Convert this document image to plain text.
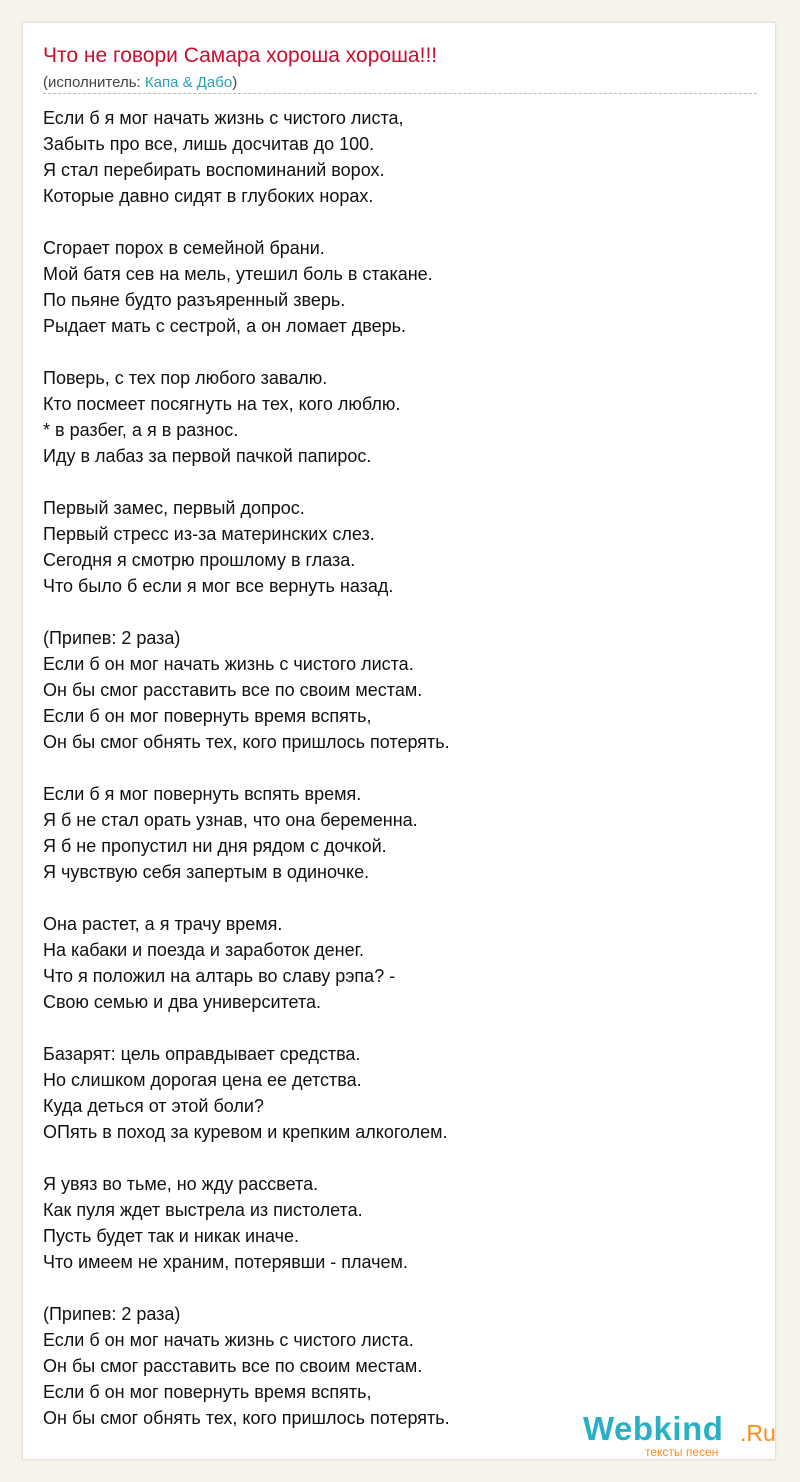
Что не говори Самара хороша хороша!!!
(исполнитель: Капа & Дабо)
Если б я мог начать жизнь с чистого листа,
Забыть про все, лишь досчитав до 100.
Я стал перебирать воспоминаний ворох.
Которые давно сидят в глубоких норах.
Сгорает порох в семейной брани.
Мой батя сев на мель, утешил боль в стакане.
По пьяне будто разъяренный зверь.
Рыдает мать с сестрой, а он ломает дверь.
Поверь, с тех пор любого завалю.
Кто посмеет посягнуть на тех, кого люблю.
* в разбег, а я в разнос.
Иду в лабаз за первой пачкой папирос.
Первый замес, первый допрос.
Первый стресс из-за материнских слез.
Сегодня я смотрю прошлому в глаза.
Что было б если я мог все вернуть назад.
(Припев: 2 раза)
Если б он мог начать жизнь с чистого листа.
Он бы смог расставить все по своим местам.
Если б он мог повернуть время вспять,
Он бы смог обнять тех, кого пришлось потерять.
Если б я мог повернуть вспять время.
Я б не стал орать узнав, что она беременна.
Я б не пропустил ни дня рядом с дочкой.
Я чувствую себя запертым в одиночке.
Она растет, а я трачу время.
На кабаки и поезда и заработок денег.
Что я положил на алтарь во славу рэпа? -
Свою семью и два университета.
Базарят: цель оправдывает средства.
Но слишком дорогая цена ее детства.
Куда деться от этой боли?
ОПять в поход за куревом и крепким алкоголем.
Я увяз во тьме, но жду рассвета.
Как пуля ждет выстрела из пистолета.
Пусть будет так и никак иначе.
Что имеем не храним, потерявши - плачем.
(Припев: 2 раза)
Если б он мог начать жизнь с чистого листа.
Он бы смог расставить все по своим местам.
Если б он мог повернуть время вспять,
Он бы смог обнять тех, кого пришлось потерять.	Webkind .Ru
тексты песен
